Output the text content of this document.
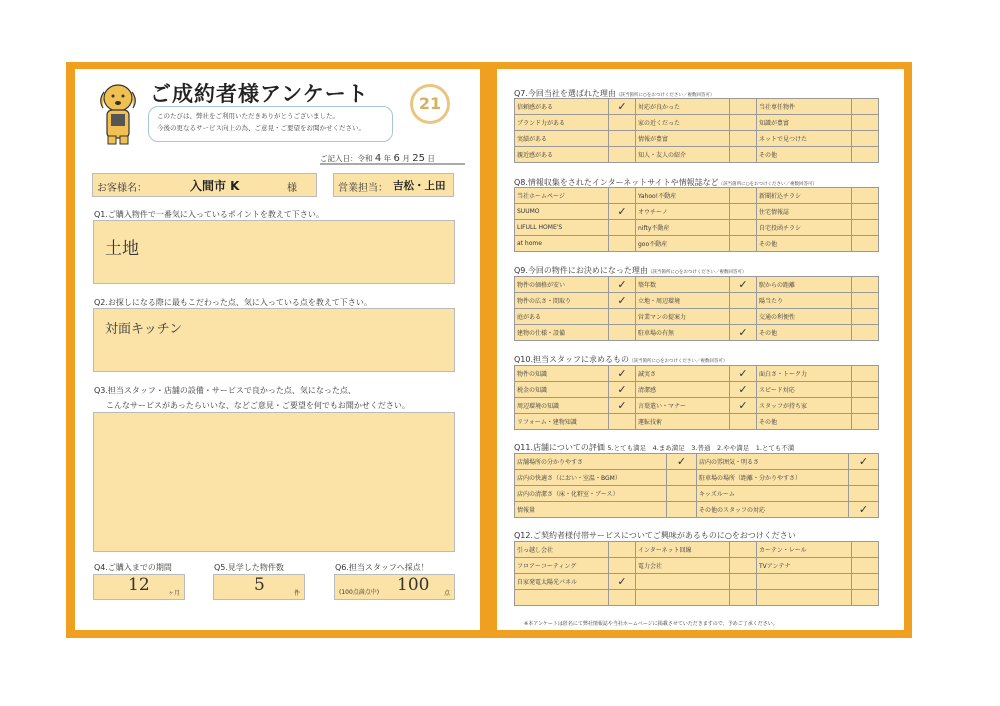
ご成約者様アンケート
このたびは、弊社をご利用いただきありがとうございました。
今後の更なるサービス向上の為、ご意見・ご要望をお聞かせください。
21
ご記入日：令和 4 年 6 月 25 日
お客様名：	入間市 K	様	営業担当： 吉松・上田
Q1.ご購入物件で一番気に入っているポイントを教えて下さい。
土地
Q2.お探しになる際に最もこだわった点、気に入っている点を教えて下さい。
対面キッチン
Q3.担当スタッフ・店舗の設備・サービスで良かった点、気になった点、
こんなサービスがあったらいいな、などご意見・ご要望を何でもお聞かせください。
Q4.ご購入までの期間
12	ヶ月
Q5.見学した物件数
5	件
Q6.担当スタッフへ採点！
(100点満点中) 100 点
Q7.今回当社を選ばれた理由（該当箇所に○をおつけください／複数回答可）
信頼感がある	✓	対応が良かった		当社専任物件	
ブランド力がある		家の近くだった		知識が豊富	
実績がある		情報が豊富		ネットで見つけた	
親近感がある		知人・友人の紹介		その他	
Q8.情報収集をされたインターネットサイトや情報誌など（該当箇所に○をおつけください／複数回答可）
当社ホームページ		Yahoo!不動産		新聞折込チラシ	
SUUMO	✓	オウチーノ		住宅情報誌	
LIFULL HOME'S		nifty不動産		自宅投函チラシ	
at home		goo不動産		その他	
Q9.今回の物件にお決めになった理由（該当箇所に○をおつけください／複数回答可）
物件の価格が安い	✓	築年数	✓	駅からの距離	
物件の広さ・間取り	✓	立地・周辺環境		陽当たり	
庭がある		営業マンの提案力		交通の利便性	
建物の仕様・設備		駐車場の有無	✓	その他	
Q10.担当スタッフに求めるもの（該当箇所に○をおつけください／複数回答可）
物件の知識	✓	誠実さ	✓	面白さ・トーク力	
税金の知識	✓	清潔感	✓	スピード対応	
周辺環境の知識	✓	言葉遣い・マナー	✓	スタッフが持ち家	
リフォーム・建物知識		運転技術		その他	
Q11.店舗についての評価 5.とても満足　4.まあ満足　3.普通　2.やや満足　1.とても不満
店舗場所の分かりやすさ	✓	店内の雰囲気・明るさ	✓
店内の快適さ（におい・室温・BGM）		駐車場の場所（距離・分かりやすさ）	
店内の清潔さ（床・化粧室・ブース）		キッズルーム	
情報量		その他のスタッフの対応	✓
Q12.ご契約者様付帯サービスについてご興味があるものに○をおつけください
引っ越し会社		インターネット回線		カーテン・レール	
フロアーコーティング		電力会社		TVアンテナ	
自家発電太陽光パネル	✓				

※本アンケートは匿名にて弊社情報誌や当社ホームページに掲載させていただきますので、予めご了承ください。
